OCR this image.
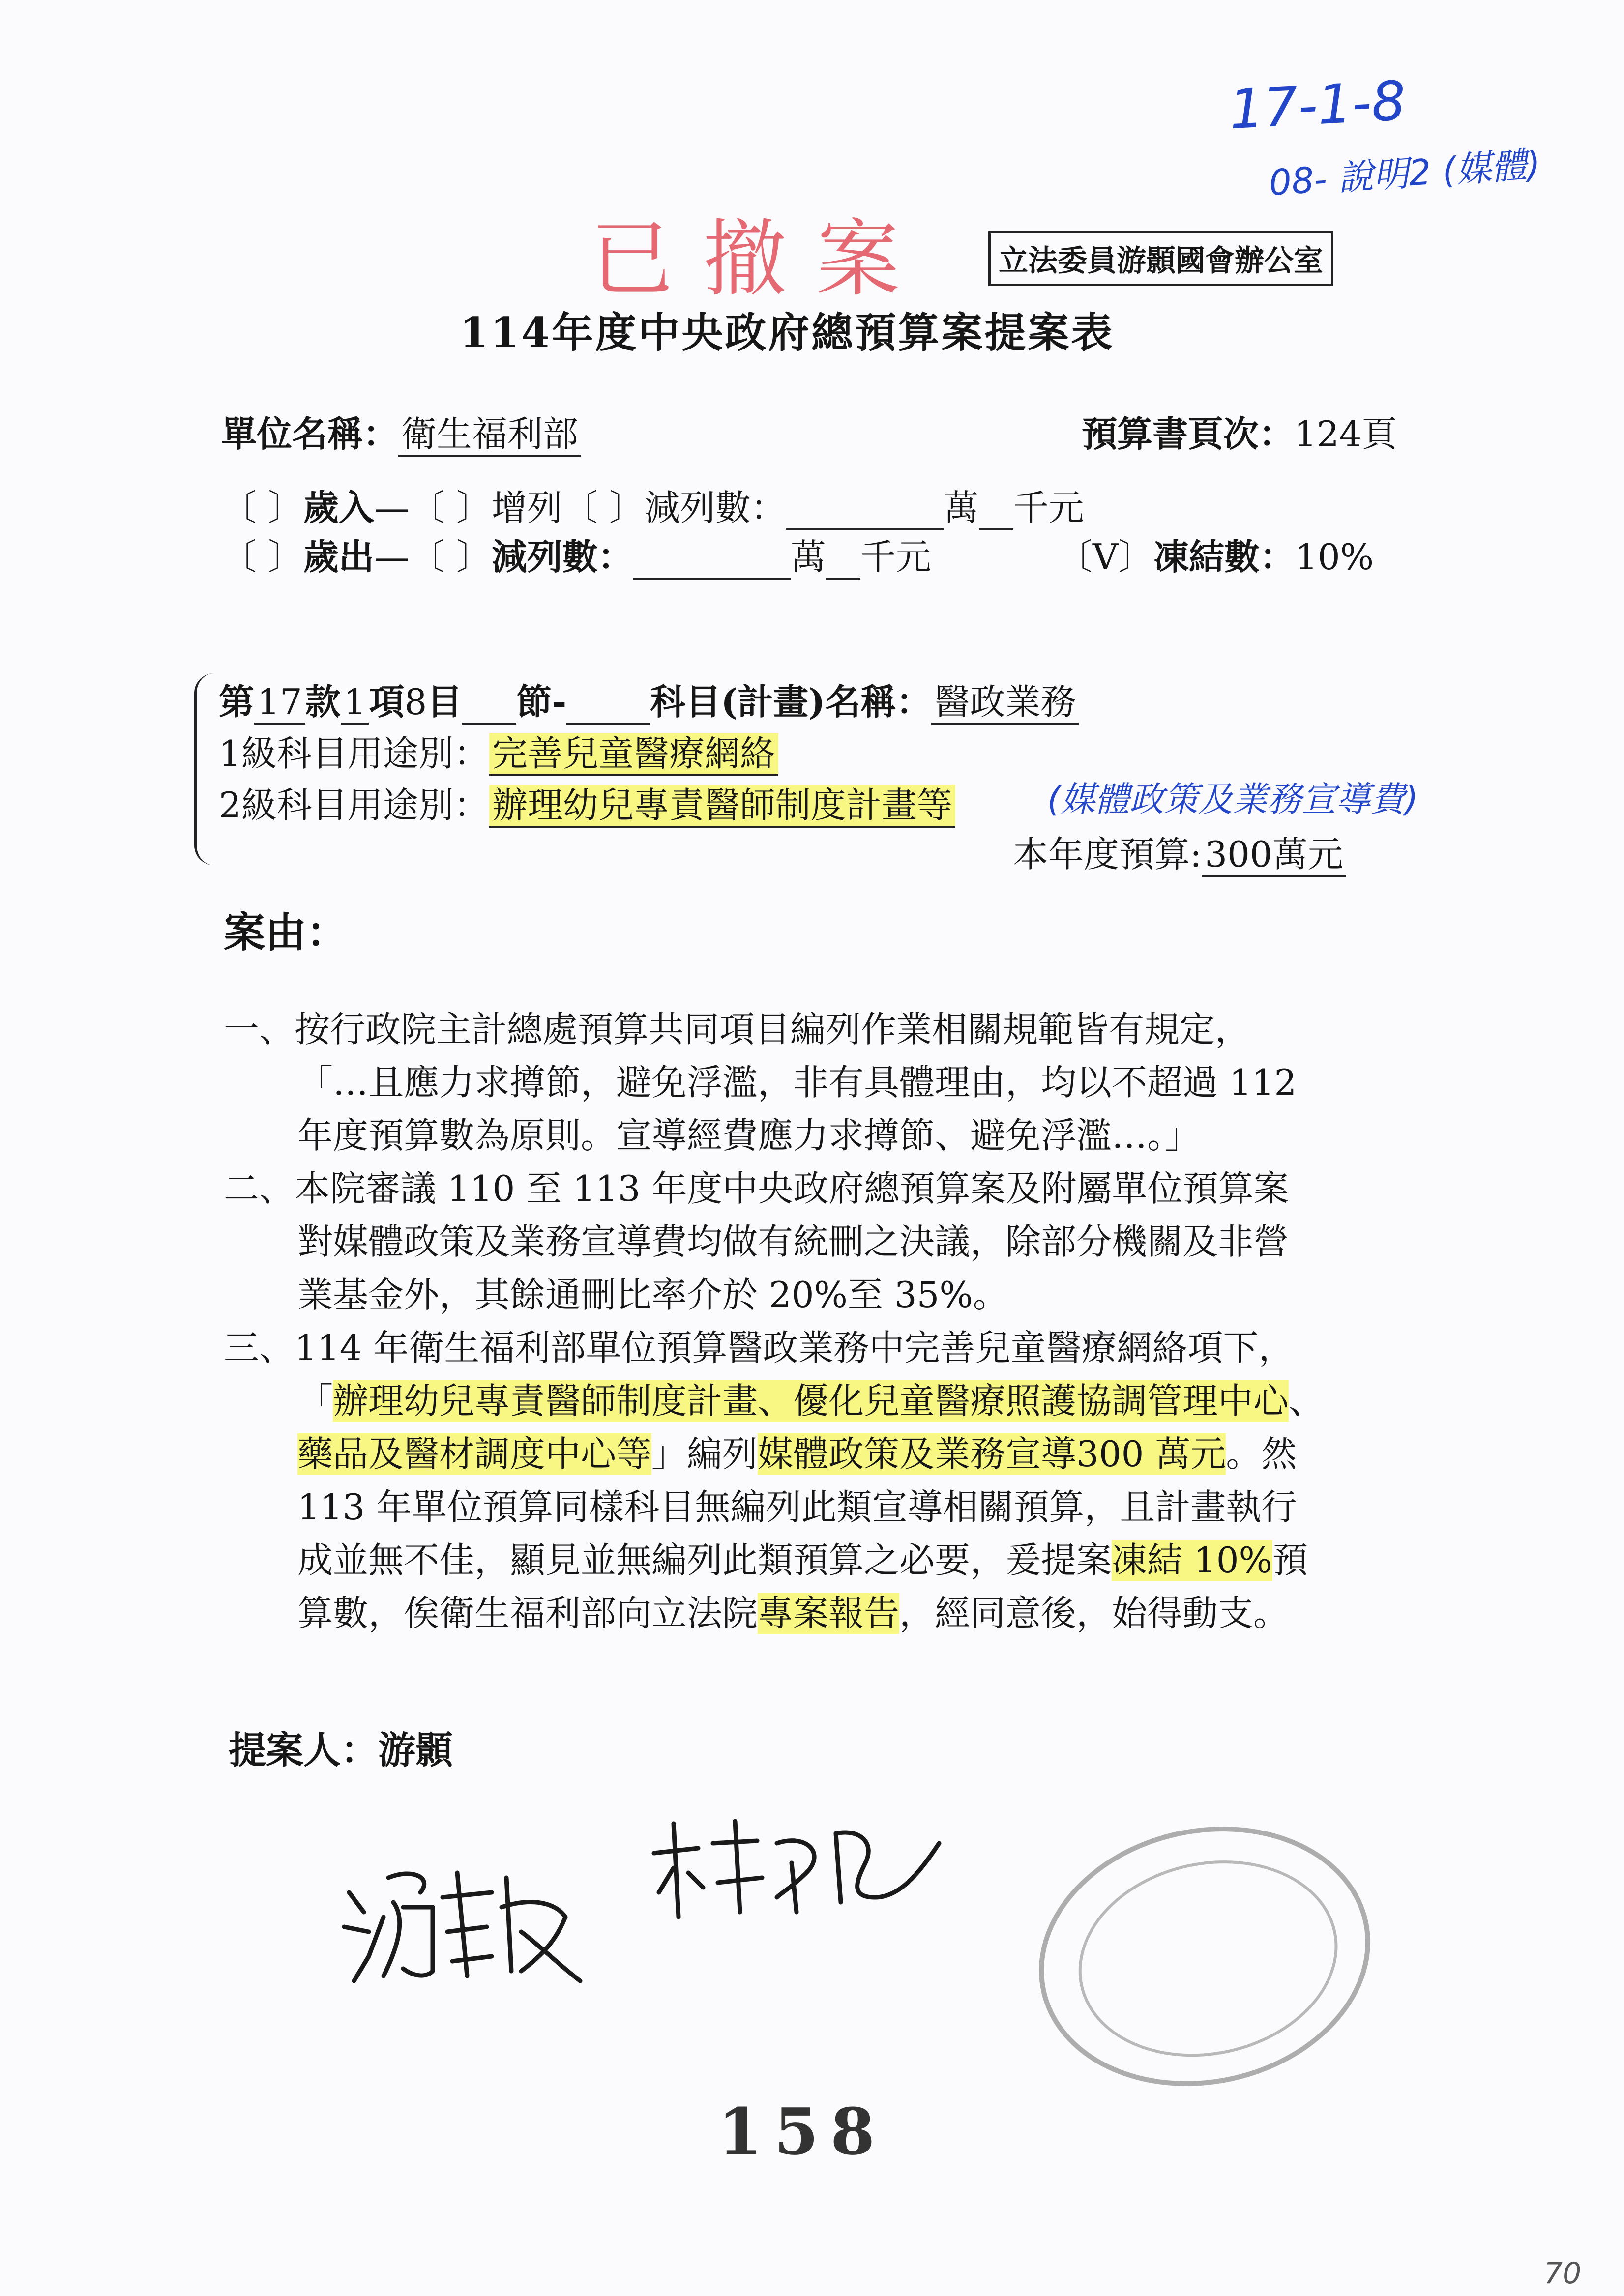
17-1-8
08- 說明2 (媒體)
已撤案	立法委員游顥國會辦公室
114年度中央政府總預算案提案表
單位名稱：衛生福利部	預算書頁次：124頁
〔 〕歲入—〔 〕增列〔 〕減列數：	萬 千元
〔 〕歲出—〔 〕減列數：	萬 千元	〔V〕凍結數：10%
第17款1項8目 節- 科目(計畫)名稱：醫政業務
1級科目用途別：完善兒童醫療網絡
2級科目用途別：辦理幼兒專責醫師制度計畫等	(媒體政策及業務宣導費)
本年度預算:300萬元
案由：
一、按行政院主計總處預算共同項目編列作業相關規範皆有規定，
「…且應力求撙節，避免浮濫，非有具體理由，均以不超過 112
年度預算數為原則。宣導經費應力求撙節、避免浮濫…。」
二、本院審議 110 至 113 年度中央政府總預算案及附屬單位預算案
對媒體政策及業務宣導費均做有統刪之決議，除部分機關及非營
業基金外，其餘通刪比率介於 20%至 35%。
三、114 年衛生福利部單位預算醫政業務中完善兒童醫療網絡項下，
「辦理幼兒專責醫師制度計畫、優化兒童醫療照護協調管理中心、
藥品及醫材調度中心等」編列媒體政策及業務宣導300 萬元。然
113 年單位預算同樣科目無編列此類宣導相關預算，且計畫執行
成並無不佳，顯見並無編列此類預算之必要，爰提案凍結 10%預
算數，俟衛生福利部向立法院專案報告，經同意後，始得動支。
提案人：游顥
158
70
